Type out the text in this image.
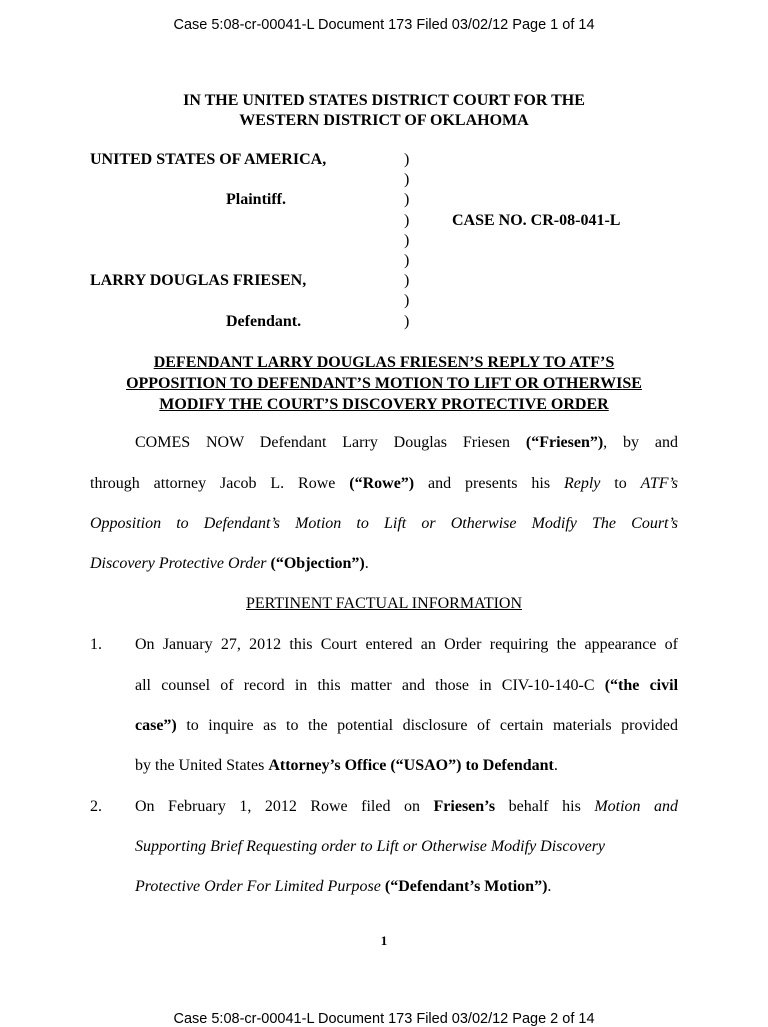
Case 5:08-cr-00041-L Document 173 Filed 03/02/12 Page 1 of 14
IN THE UNITED STATES DISTRICT COURT FOR THE
WESTERN DISTRICT OF OKLAHOMA
UNITED STATES OF AMERICA,
Plaintiff.
CASE NO. CR-08-041-L
LARRY DOUGLAS FRIESEN,
Defendant.
)
)
)
)
)
)
)
)
)
DEFENDANT LARRY DOUGLAS FRIESEN’S REPLY TO ATF’S
OPPOSITION TO DEFENDANT’S MOTION TO LIFT OR OTHERWISE
MODIFY THE COURT’S DISCOVERY PROTECTIVE ORDER
COMES NOW Defendant Larry Douglas Friesen (“Friesen”), by and
through attorney Jacob L. Rowe (“Rowe”) and presents his Reply to ATF’s
Opposition to Defendant’s Motion to Lift or Otherwise Modify The Court’s
Discovery Protective Order (“Objection”).
PERTINENT FACTUAL INFORMATION
1. On January 27, 2012 this Court entered an Order requiring the appearance of
all counsel of record in this matter and those in CIV-10-140-C (“the civil
case”) to inquire as to the potential disclosure of certain materials provided
by the United States Attorney’s Office (“USAO”) to Defendant.
2. On February 1, 2012 Rowe filed on Friesen’s behalf his Motion and
Supporting Brief Requesting order to Lift or Otherwise Modify Discovery
Protective Order For Limited Purpose (“Defendant’s Motion”).
1
Case 5:08-cr-00041-L Document 173 Filed 03/02/12 Page 2 of 14
